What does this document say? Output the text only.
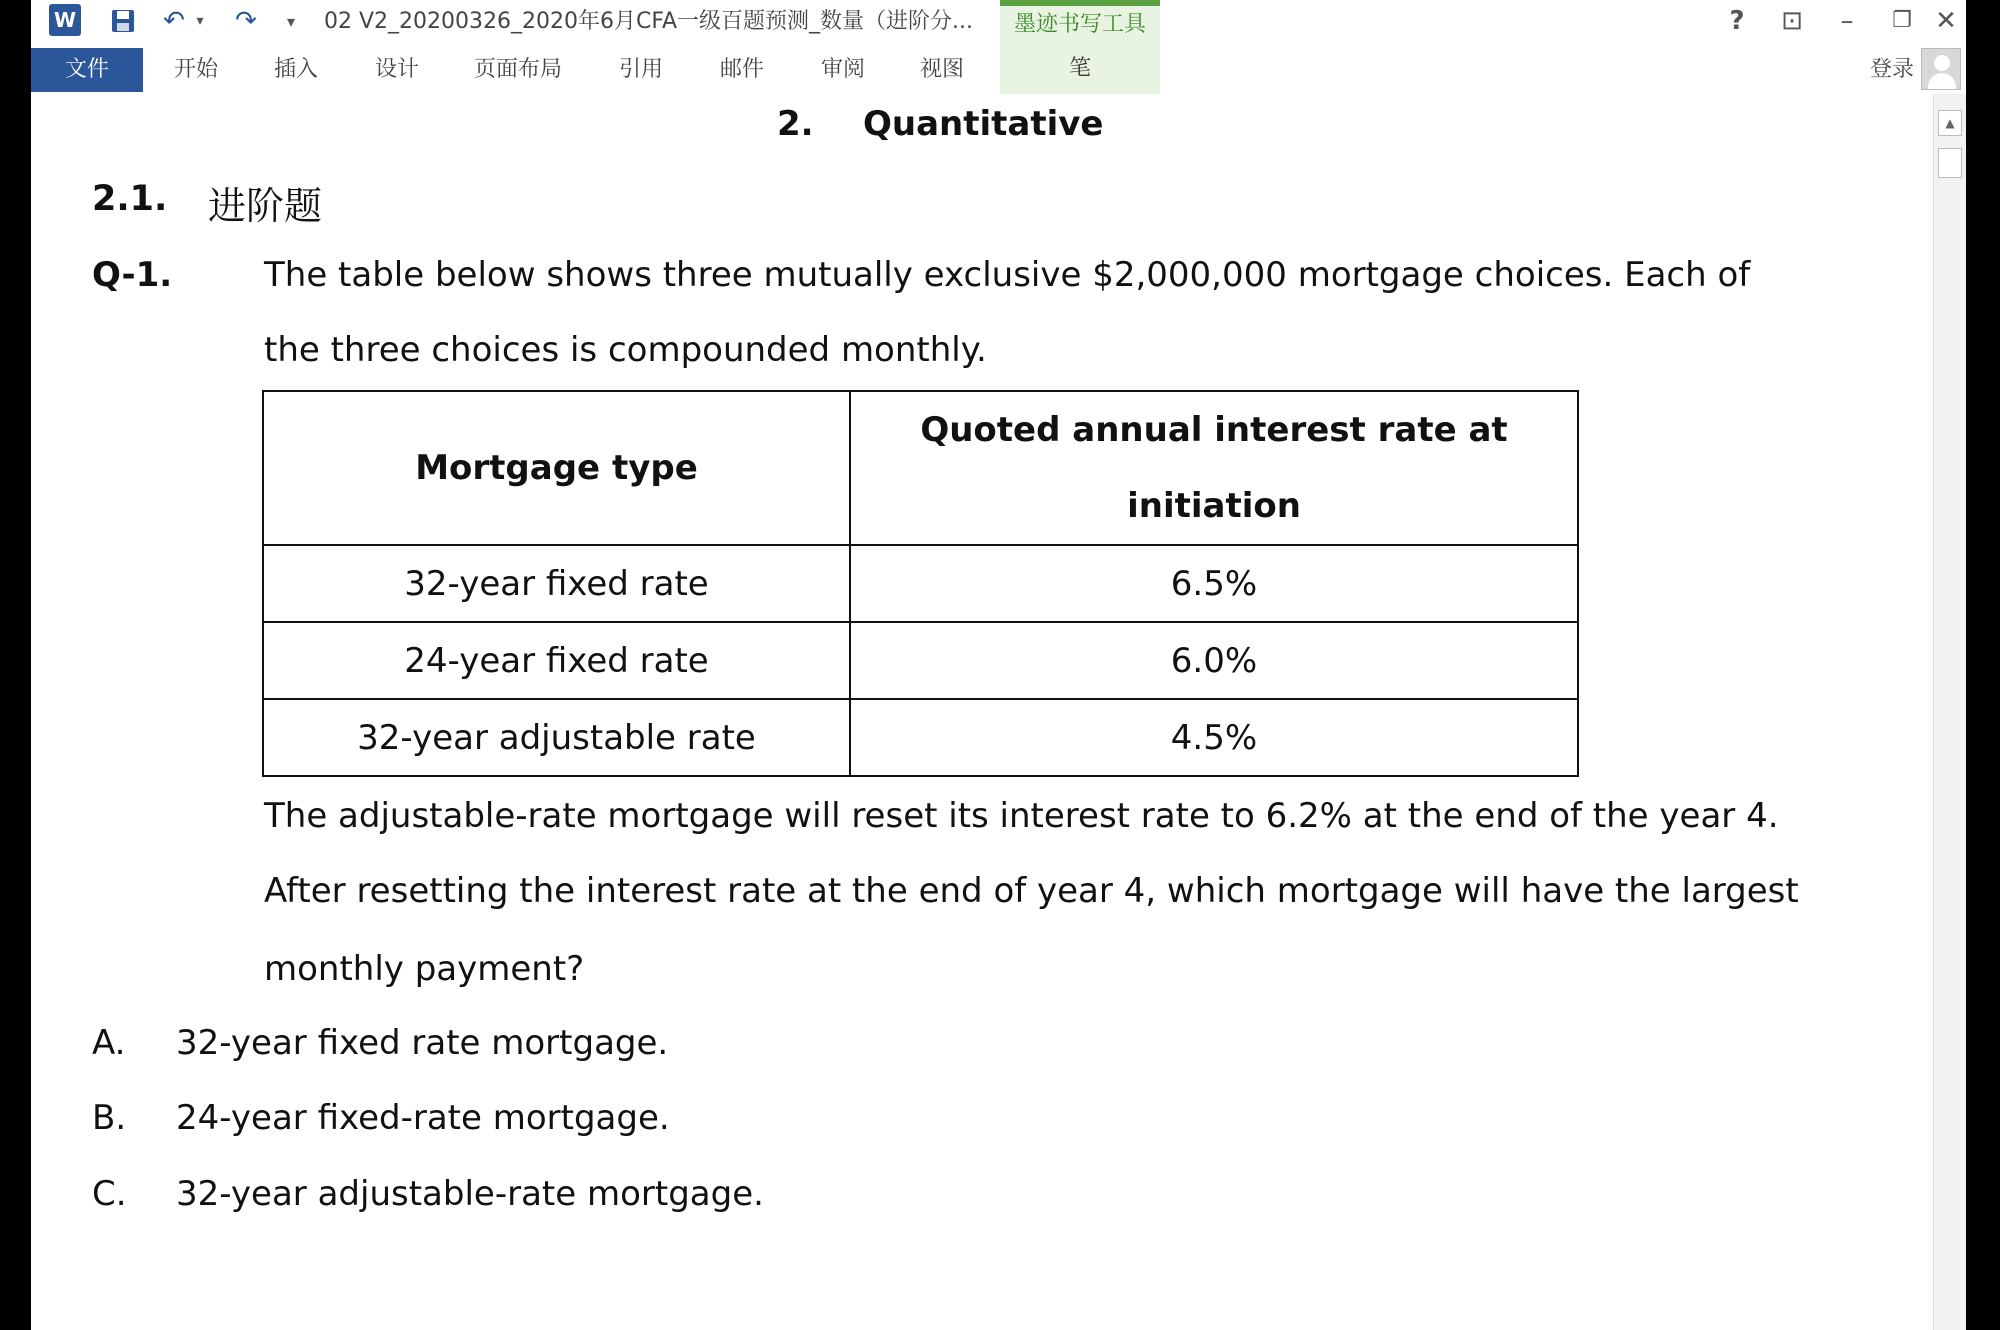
W	↶ ▾ ↷	▾	02 V2_20200326_2020年6月CFA一级百题预测_数量（进阶分...	墨迹书写工具	?	⊡	–	❐ ✕
文件	开始	插入	设计 页面布局	引用	邮件	审阅 视图	笔	登录
2. Quantitative
2.1. 进阶题
Q-1.	The table below shows three mutually exclusive $2,000,000 mortgage choices. Each of
the three choices is compounded monthly.
Mortgage type	Quoted annual interest rate at initiation
32-year fixed rate	6.5%
24-year fixed rate	6.0%
32-year adjustable rate	4.5%
The adjustable-rate mortgage will reset its interest rate to 6.2% at the end of the year 4.
After resetting the interest rate at the end of year 4, which mortgage will have the largest
monthly payment?
A. 32-year fixed rate mortgage.
B. 24-year fixed-rate mortgage.
C. 32-year adjustable-rate mortgage.
▲
